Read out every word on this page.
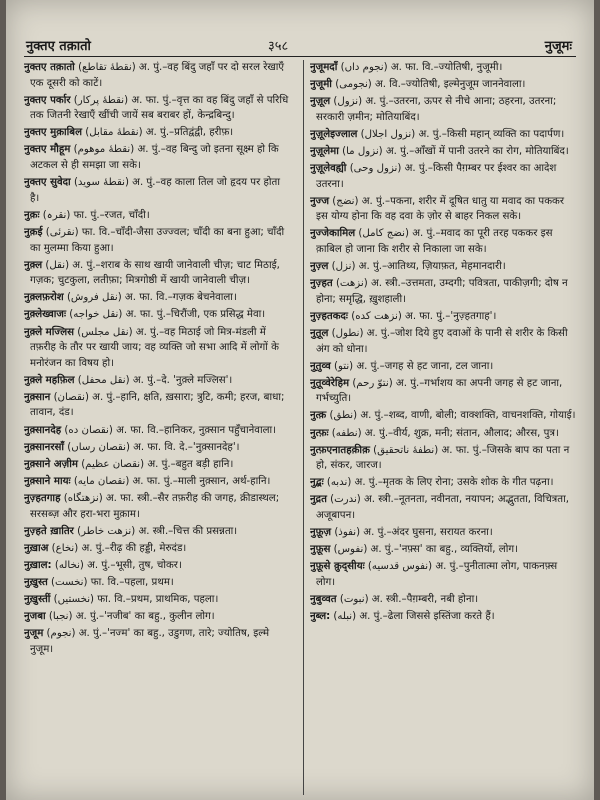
नुक्तए तक़ातो	३५८	नुजूमः
नुक्तए तक़ातो (نقطهٔ تقاطع) अ. पुं.–वह बिंदु जहाँ पर दो सरल रेखाएँ एक दूसरी को काटें।
नुक्तए पर्कार (نقطهٔ پرکار) अ. फा. पुं.–वृत्त का वह बिंदु जहाँ से परिधि तक जितनी रेखाएँ खींची जायें सब बराबर हों, केन्द्रबिन्दु।
नुक्तए मुक़ाबिल (نقطهٔ مقابل) अ. पुं.–प्रतिद्वंद्वी, हरीफ़।
नुक्तए मौहूम (نقطهٔ موهوم) अ. पुं.–वह बिन्दु जो इतना सूक्ष्म हो कि अटकल से ही समझा जा सके।
नुक्तए सुवेदा (نقطهٔ سوید) अ. पुं.–वह काला तिल जो हृदय पर होता है।
नुक़ः (نقرہ) फा. पुं.–रजत, चाँदी।
नुक़ई (نقرئی) फा. वि.–चाँदी-जैसा उज्ज्वल; चाँदी का बना हुआ; चाँदी का मुलम्मा किया हुआ।
नुक़्ल (نقل) अ. पुं.–शराब के साथ खायी जानेवाली चीज़; चाट मिठाई, गज़क; चुटकुला, लतीफ़ा; मित्रगोष्ठी में खायी जानेवाली चीज़।
नुक़्लफ़रोश (نقل فروش) अ. फा. वि.–गज़क बेचनेवाला।
नुक़्लेख्वाजः (نقل خواجه) अ. फा. पुं.–चिरौंजी, एक प्रसिद्ध मेवा।
नुक़्ले मज्लिस (نقل مجلس) अ. पुं.–वह मिठाई जो मित्र-मंडली में तफ़रीह के तौर पर खायी जाय; वह व्यक्ति जो सभा आदि में लोगों के मनोरंजन का विषय हो।
नुक़्ले महफ़िल (نقل محفل) अ. पुं.–दे. 'नुक़्ले मज्लिस'।
नुक़्सान (نقصان) अ. पुं.–हानि, क्षति, ख़सारा; त्रुटि, कमी; हरज, बाधा; तावान, दंड।
नुक़्सानदेह (نقصان ده) अ. फा. वि.–हानिकर, नुक़्सान पहुँचानेवाला।
नुक़्सानरसाँ (نقصان رساں) अ. फा. वि. दे.–'नुक़्सानदेह'।
नुक़्साने अज़ीम (نقصان عظیم) अ. पुं.–बहुत बड़ी हानि।
नुक़्साने मायः (نقصان مایه) अ. फा. पुं.–माली नुक़्सान, अर्थ-हानि।
नुज़्हतगाह (نزهتگاه) अ. फा. स्त्री.–सैर तफ़रीह की जगह, क्रीडास्थल; सरसब्ज़ और हरा-भरा मुक़ाम।
नुज़्हते ख़ातिर (نزهت خاطر) अ. स्त्री.–चित्त की प्रसन्नता।
नुख़ाअ (نخاع) अ. पुं.–रीढ़ की हड्डी, मेरुदंड।
नुख़ाल: (نخاله) अ. पुं.–भूसी, तुष, चोकर।
नुख़ुस्त (نخست) फा. वि.–पहला, प्रथम।
नुख़ुस्तीं (نخستیں) फा. वि.–प्रथम, प्राथमिक, पहला।
नुजबा (نجبا) अ. पुं.–'नजीब' का बहु., कुलीन लोग।
नुजूम (نجوم) अ. पुं.–'नज्म' का बहु., उडुगण, तारे; ज्योतिष, इल्मे नुजूम।
नुजूमदाँ (نجوم داں) अ. फा. वि.–ज्योतिषी, नुजूमी।
नुजूमी (نجومی) अ. वि.–ज्योतिषी, इल्मेनुजूम जाननेवाला।
नुज़ूल (نزول) अ. पुं.–उतरना, ऊपर से नीचे आना; ठहरना, उतरना; सरकारी ज़मीन; मोतियाबिंद।
नुज़ूलेइज्लाल (نزول اجلال) अ. पुं.–किसी महान् व्यक्ति का पदार्पण।
नुज़ूलेमा (نزول ما) अ. पुं.–आँखों में पानी उतरने का रोग, मोतियाबिंद।
नुज़ूलेवह्यी (نزول وحی) अ. पुं.–किसी पैग़म्बर पर ईश्वर का आदेश उतरना।
नुज्ज (نضج) अ. पुं.–पकना, शरीर में दूषित धातु या मवाद का पककर इस योग्य होना कि वह दवा के ज़ोर से बाहर निकल सके।
नुज्जेकामिल (نضج کامل) अ. पुं.–मवाद का पूरी तरह पककर इस क़ाबिल हो जाना कि शरीर से निकाला जा सके।
नुज़्ल (نزل) अ. पुं.–आतिथ्य, ज़ियाफ़त, मेहमानदारी।
नुज़्हत (نزهت) अ. स्त्री.–उत्तमता, उम्दगी; पवित्रता, पाकीज़गी; दोष न होना; समृद्धि, ख़ुशहाली।
नुज़्हतकदः (نزهت کده) अ. फा. पुं.–'नुज़्हतगाह'।
नुत़ूल (نطول) अ. पुं.–जोश दिये हुए दवाओं के पानी से शरीर के किसी अंग को धोना।
नुत़ुव्व (نتو) अ. पुं.–जगह से हट जाना, टल जाना।
नुत़ूव्वेरेहिम (نتوّ رحم) अ. पुं.–गर्भाशय का अपनी जगह से हट जाना, गर्भच्युति।
नुत्क़ (نطق) अ. पुं.–शब्द, वाणी, बोली; वाक्शक्ति, वाचनशक्ति, गोयाई।
नुत्फ़ः (نطفه) अ. पुं.–वीर्य, शुक्र, मनी; संतान, औलाद; औरस, पुत्र।
नुत्फ़एनातहक़ीक़ (نطفهٔ ناتحقیق) अ. फा. पुं.–जिसके बाप का पता न हो, संकर, जारज।
नुद्बः (ندبه) अ. पुं.–मृतक के लिए रोना; उसके शोक के गीत पढ़ना।
नुद्रत (ندرت) अ. स्त्री.–नूतनता, नवीनता, नयापन; अद्भुतता, विचित्रता, अजूबापन।
नुफ़ूज़ (نفوذ) अ. पुं.–अंदर घुसना, सरायत करना।
नुफ़ूस (نفوس) अ. पुं.–'नफ़्स' का बहु., व्यक्तियों, लोग।
नुफ़ूसे क़ुद्सीयः (نفوس قدسیه) अ. पुं.–पुनीतात्मा लोग, पाकनफ़्स लोग।
नुबुव्वत (نبوت) अ. स्त्री.–पैग़म्बरी, नबी होना।
नुब्ल: (نبله) अ. पुं.–ढेला जिससे इस्तिंजा करते हैं।
